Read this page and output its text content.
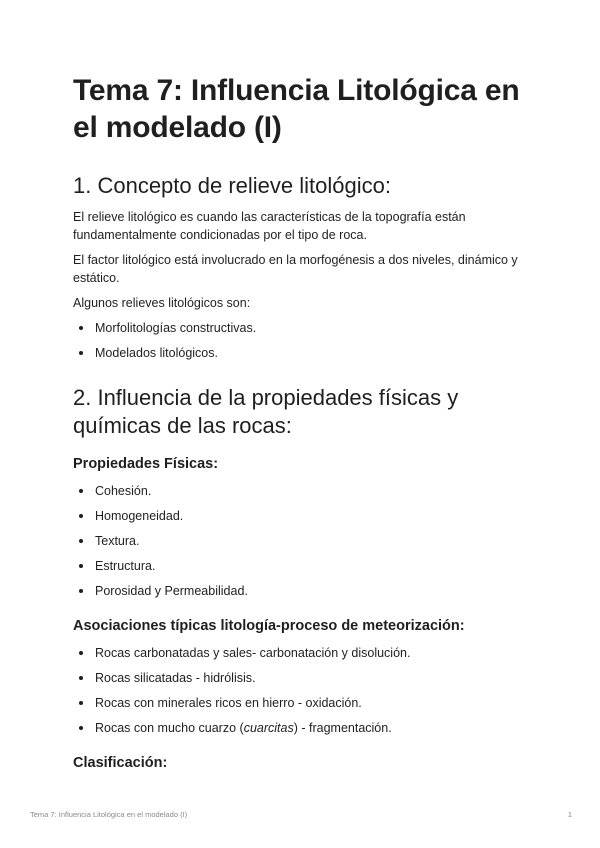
Tema 7: Influencia Litológica en el modelado (I)
1. Concepto de relieve litológico:

El relieve litológico es cuando las características de la topografía están fundamentalmente condicionadas por el tipo de roca.

El factor litológico está involucrado en la morfogénesis a dos niveles, dinámico y estático.

Algunos relieves litológicos son:

Morfolitologías constructivas.
Modelados litológicos.
2. Influencia de la propiedades físicas y químicas de las rocas:
Propiedades Físicas:
Cohesión.
Homogeneidad.
Textura.
Estructura.
Porosidad y Permeabilidad.
Asociaciones típicas litología-proceso de meteorización:
Rocas carbonatadas y sales- carbonatación y disolución.
Rocas silicatadas - hidrólisis.
Rocas con minerales ricos en hierro - oxidación.
Rocas con mucho cuarzo (cuarcitas) - fragmentación.
Clasificación:
Tema 7: Influencia Litológica en el modelado (I)	1
